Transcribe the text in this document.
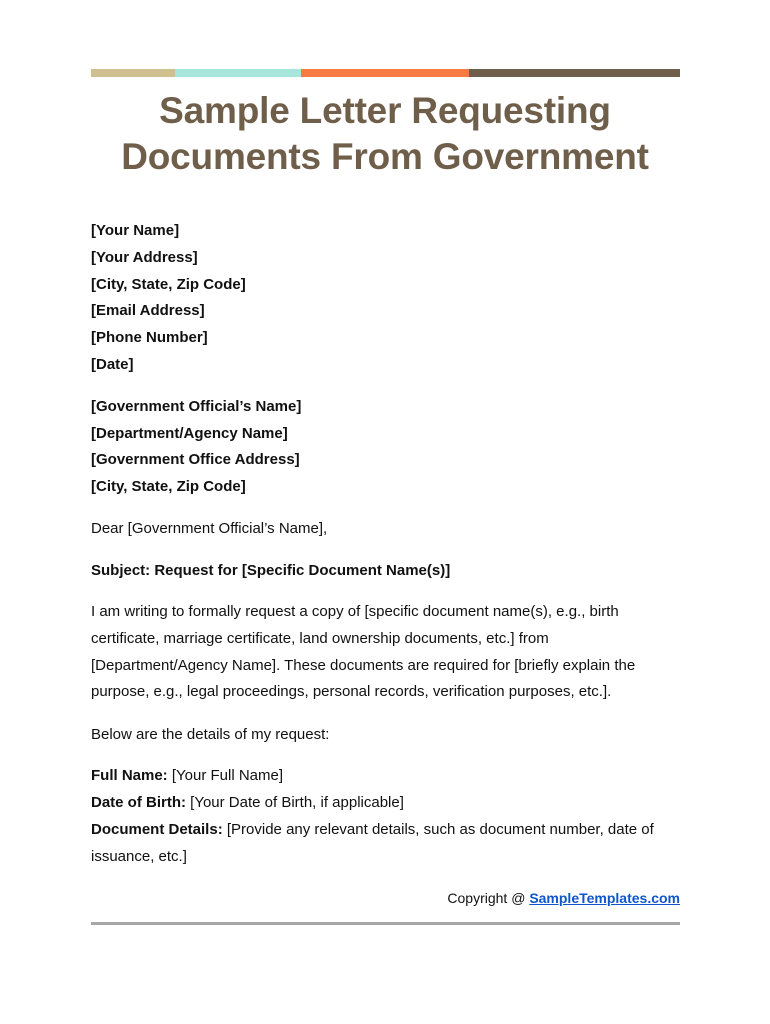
Sample Letter Requesting
Documents From Government

[Your Name]

[Your Address]

[City, State, Zip Code]

[Email Address]

[Phone Number]

[Date]

[Government Official’s Name]

[Department/Agency Name]

[Government Office Address]

[City, State, Zip Code]

Dear [Government Official’s Name],
Subject: Request for [Specific Document Name(s)]
I am writing to formally request a copy of [specific document name(s), e.g., birth certificate, marriage certificate, land ownership documents, etc.] from [Department/Agency Name]. These documents are required for [briefly explain the purpose, e.g., legal proceedings, personal records, verification purposes, etc.].
Below are the details of my request:

Full Name: [Your Full Name]

Date of Birth: [Your Date of Birth, if applicable]

Document Details: [Provide any relevant details, such as document number, date of issuance, etc.]

Copyright @ SampleTemplates.com
